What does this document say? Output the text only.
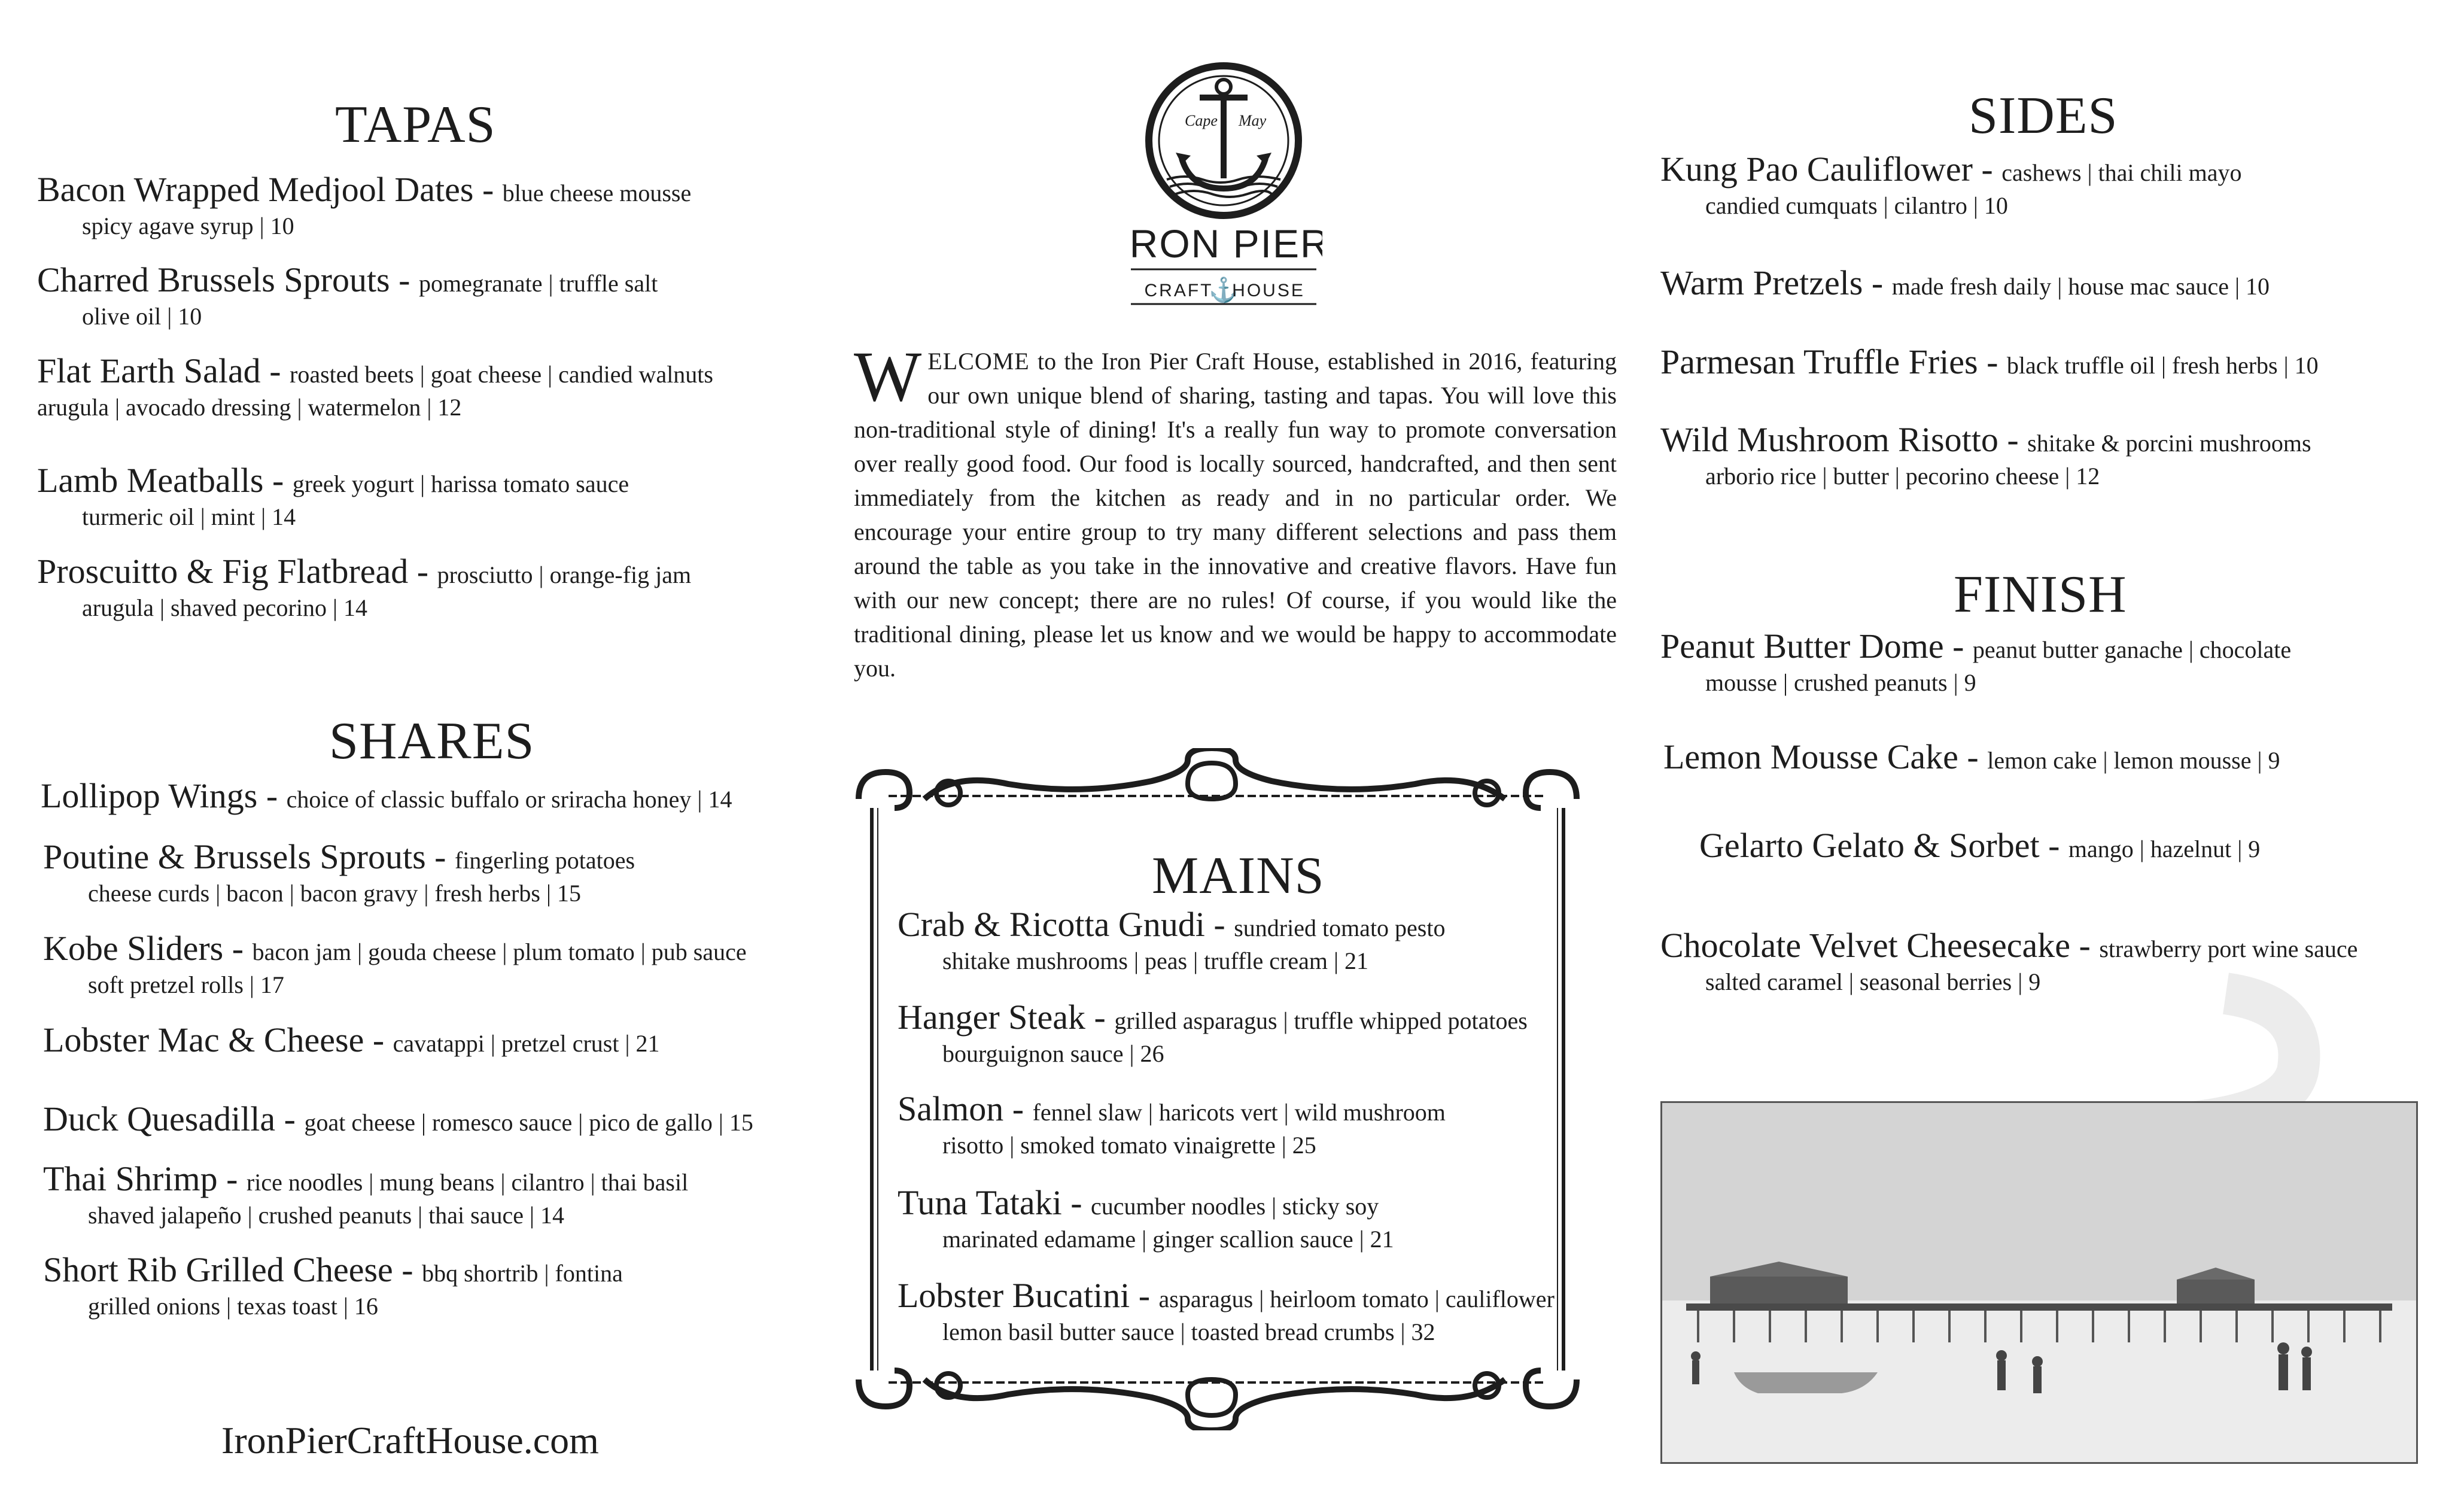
TAPAS
Bacon Wrapped Medjool Dates - blue cheese mousse
spicy agave syrup | 10
Charred Brussels Sprouts - pomegranate | truffle salt
olive oil | 10
Flat Earth Salad - roasted beets | goat cheese | candied walnuts
arugula | avocado dressing | watermelon | 12
Lamb Meatballs - greek yogurt | harissa tomato sauce
turmeric oil | mint | 14
Proscuitto & Fig Flatbread - prosciutto | orange-fig jam
arugula | shaved pecorino | 14
SHARES
Lollipop Wings - choice of classic buffalo or sriracha honey | 14
Poutine & Brussels Sprouts - fingerling potatoes
cheese curds | bacon | bacon gravy | fresh herbs | 15
Kobe Sliders - bacon jam | gouda cheese | plum tomato | pub sauce
soft pretzel rolls | 17
Lobster Mac & Cheese - cavatappi | pretzel crust | 21
Duck Quesadilla - goat cheese | romesco sauce | pico de gallo | 15
Thai Shrimp - rice noodles | mung beans | cilantro | thai basil
shaved jalapeño | crushed peanuts | thai sauce | 14
Short Rib Grilled Cheese - bbq shortrib | fontina
grilled onions | texas toast | 16
IronPierCraftHouse.com
Cape May
IRON PIER
CRAFT
⚓
HOUSE
WELCOME to the Iron Pier Craft House, established in 2016, featuring our own unique blend of sharing, tasting and tapas. You will love this non-traditional style of dining! It's a really fun way to promote conversation over really good food. Our food is locally sourced, handcrafted, and then sent immediately from the kitchen as ready and in no particular order. We encourage your entire group to try many different selections and pass them around the table as you take in the innovative and creative flavors. Have fun with our new concept; there are no rules! Of course, if you would like the traditional dining, please let us know and we would be happy to accommodate you.
MAINS
Crab & Ricotta Gnudi - sundried tomato pesto
shitake mushrooms | peas | truffle cream | 21
Hanger Steak - grilled asparagus | truffle whipped potatoes
bourguignon sauce | 26
Salmon - fennel slaw | haricots vert | wild mushroom
risotto | smoked tomato vinaigrette | 25
Tuna Tataki - cucumber noodles | sticky soy
marinated edamame | ginger scallion sauce | 21
Lobster Bucatini - asparagus | heirloom tomato | cauliflower
lemon basil butter sauce | toasted bread crumbs | 32
SIDES
Kung Pao Cauliflower - cashews | thai chili mayo
candied cumquats | cilantro | 10
Warm Pretzels - made fresh daily | house mac sauce | 10
Parmesan Truffle Fries - black truffle oil | fresh herbs | 10
Wild Mushroom Risotto - shitake & porcini mushrooms
arborio rice | butter | pecorino cheese | 12
FINISH
Peanut Butter Dome - peanut butter ganache | chocolate
mousse | crushed peanuts | 9
Lemon Mousse Cake - lemon cake | lemon mousse | 9
Gelarto Gelato & Sorbet - mango | hazelnut | 9
Chocolate Velvet Cheesecake - strawberry port wine sauce
salted caramel | seasonal berries | 9
